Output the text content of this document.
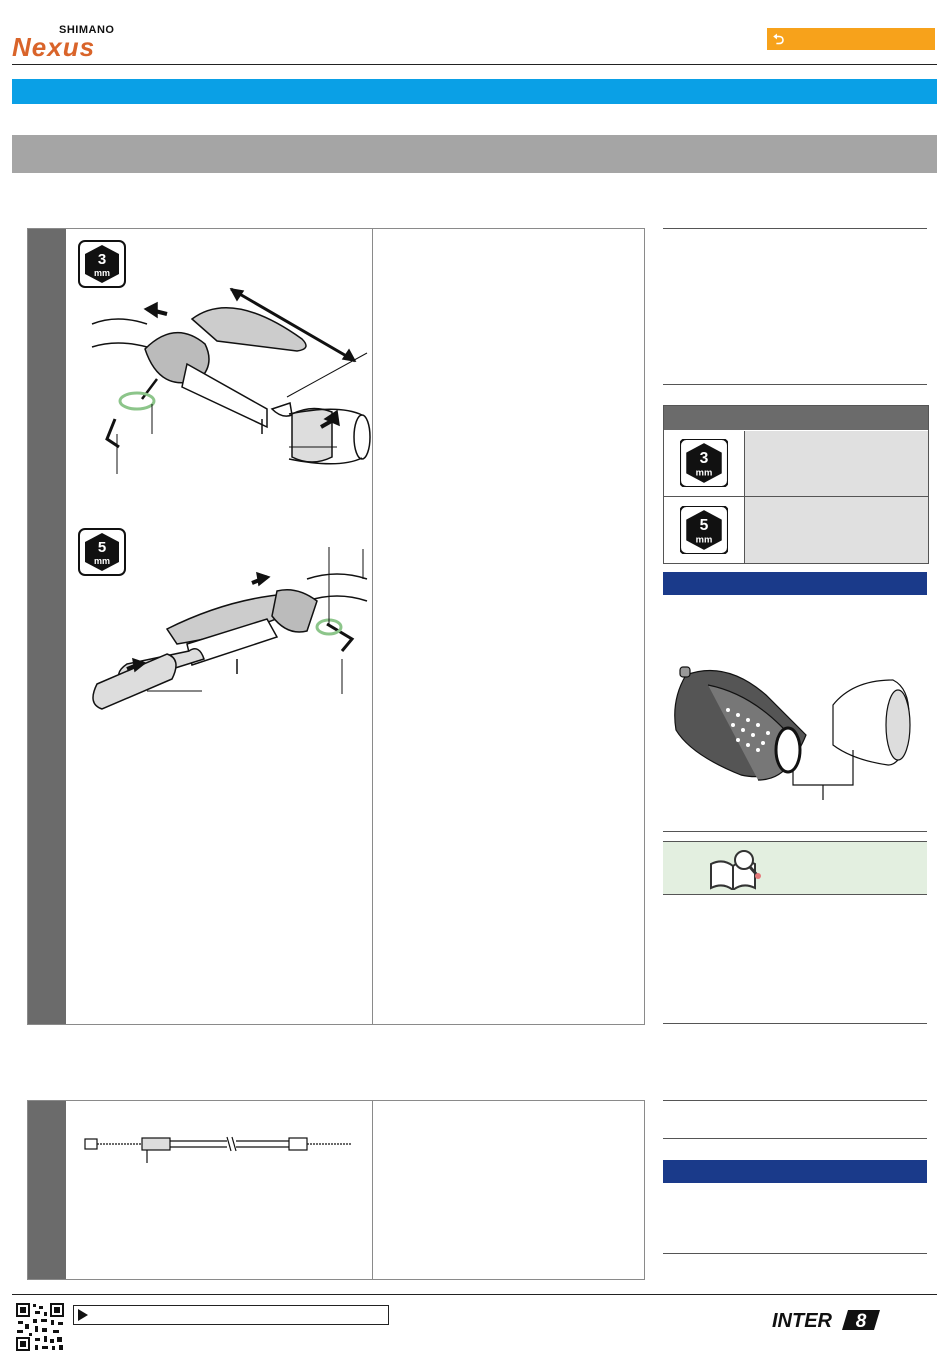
SHIMANO
Nexus	⮌
3
mm
5
mm
3
mm
5
mm
INTER 8
